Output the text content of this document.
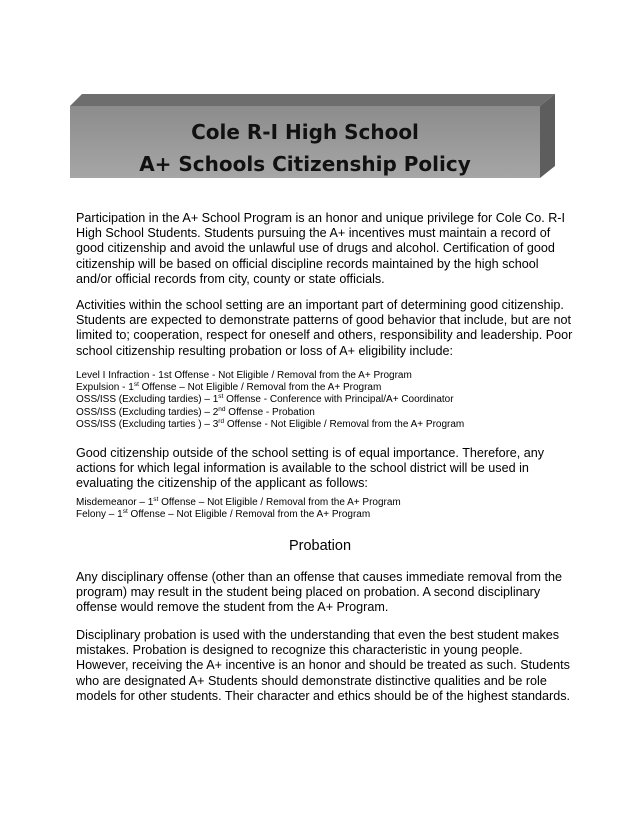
Cole R-I High School
A+ Schools Citizenship Policy

Participation in the A+ School Program is an honor and unique privilege for Cole Co. R-I High School Students. Students pursuing the A+ incentives must maintain a record of good citizenship and avoid the unlawful use of drugs and alcohol. Certification of good citizenship will be based on official discipline records maintained by the high school and/or official records from city, county or state officials.

Activities within the school setting are an important part of determining good citizenship. Students are expected to demonstrate patterns of good behavior that include, but are not limited to; cooperation, respect for oneself and others, responsibility and leadership. Poor school citizenship resulting probation or loss of A+ eligibility include:

Level I Infraction - 1st Offense - Not Eligible / Removal from the A+ Program
Expulsion - 1st Offense – Not Eligible / Removal from the A+ Program
OSS/ISS (Excluding tardies) – 1st Offense - Conference with Principal/A+ Coordinator
OSS/ISS (Excluding tardies) – 2nd Offense - Probation
OSS/ISS (Excluding tarties ) – 3rd Offense - Not Eligible / Removal from the A+ Program

Good citizenship outside of the school setting is of equal importance. Therefore, any actions for which legal information is available to the school district will be used in evaluating the citizenship of the applicant as follows:

Misdemeanor – 1st Offense – Not Eligible / Removal from the A+ Program
Felony – 1st Offense – Not Eligible / Removal from the A+ Program

Probation

Any disciplinary offense (other than an offense that causes immediate removal from the program) may result in the student being placed on probation. A second disciplinary offense would remove the student from the A+ Program.

Disciplinary probation is used with the understanding that even the best student makes mistakes. Probation is designed to recognize this characteristic in young people. However, receiving the A+ incentive is an honor and should be treated as such. Students who are designated A+ Students should demonstrate distinctive qualities and be role models for other students. Their character and ethics should be of the highest standards.
